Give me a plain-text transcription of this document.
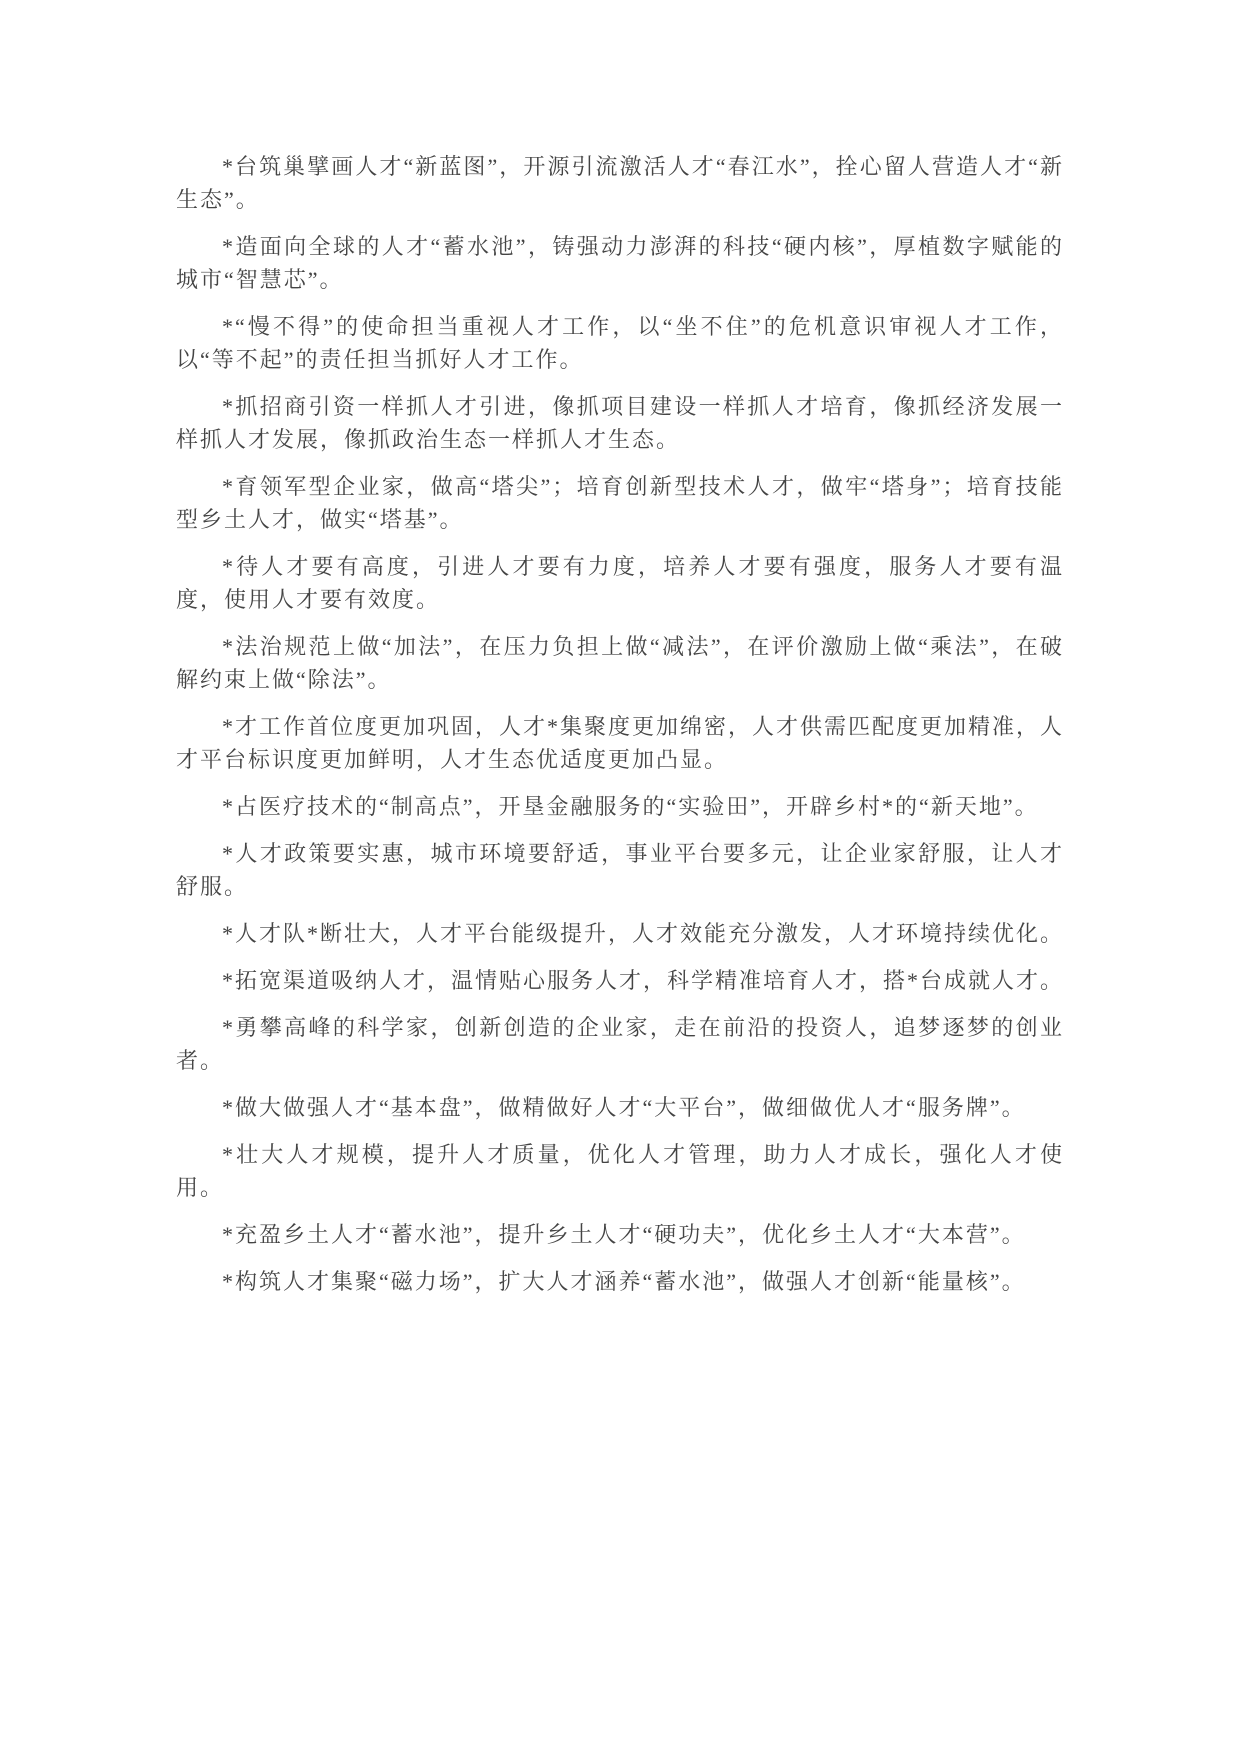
*台筑巢擘画人才“新蓝图”，开源引流激活人才“春江水”，拴心留人营造人才“新生态”。

*造面向全球的人才“蓄水池”，铸强动力澎湃的科技“硬内核”，厚植数字赋能的城市“智慧芯”。

*“慢不得”的使命担当重视人才工作，以“坐不住”的危机意识审视人才工作，以“等不起”的责任担当抓好人才工作。

*抓招商引资一样抓人才引进，像抓项目建设一样抓人才培育，像抓经济发展一样抓人才发展，像抓政治生态一样抓人才生态。

*育领军型企业家，做高“塔尖”；培育创新型技术人才，做牢“塔身”；培育技能型乡土人才，做实“塔基”。

*待人才要有高度，引进人才要有力度，培养人才要有强度，服务人才要有温度，使用人才要有效度。

*法治规范上做“加法”，在压力负担上做“减法”，在评价激励上做“乘法”，在破解约束上做“除法”。

*才工作首位度更加巩固，人才*集聚度更加绵密，人才供需匹配度更加精准，人才平台标识度更加鲜明，人才生态优适度更加凸显。

*占医疗技术的“制高点”，开垦金融服务的“实验田”，开辟乡村*的“新天地”。

*人才政策要实惠，城市环境要舒适，事业平台要多元，让企业家舒服，让人才舒服。

*人才队*断壮大，人才平台能级提升，人才效能充分激发，人才环境持续优化。

*拓宽渠道吸纳人才，温情贴心服务人才，科学精准培育人才，搭*台成就人才。

*勇攀高峰的科学家，创新创造的企业家，走在前沿的投资人，追梦逐梦的创业者。

*做大做强人才“基本盘”，做精做好人才“大平台”，做细做优人才“服务牌”。

*壮大人才规模，提升人才质量，优化人才管理，助力人才成长，强化人才使用。

*充盈乡土人才“蓄水池”，提升乡土人才“硬功夫”，优化乡土人才“大本营”。

*构筑人才集聚“磁力场”，扩大人才涵养“蓄水池”，做强人才创新“能量核”。
